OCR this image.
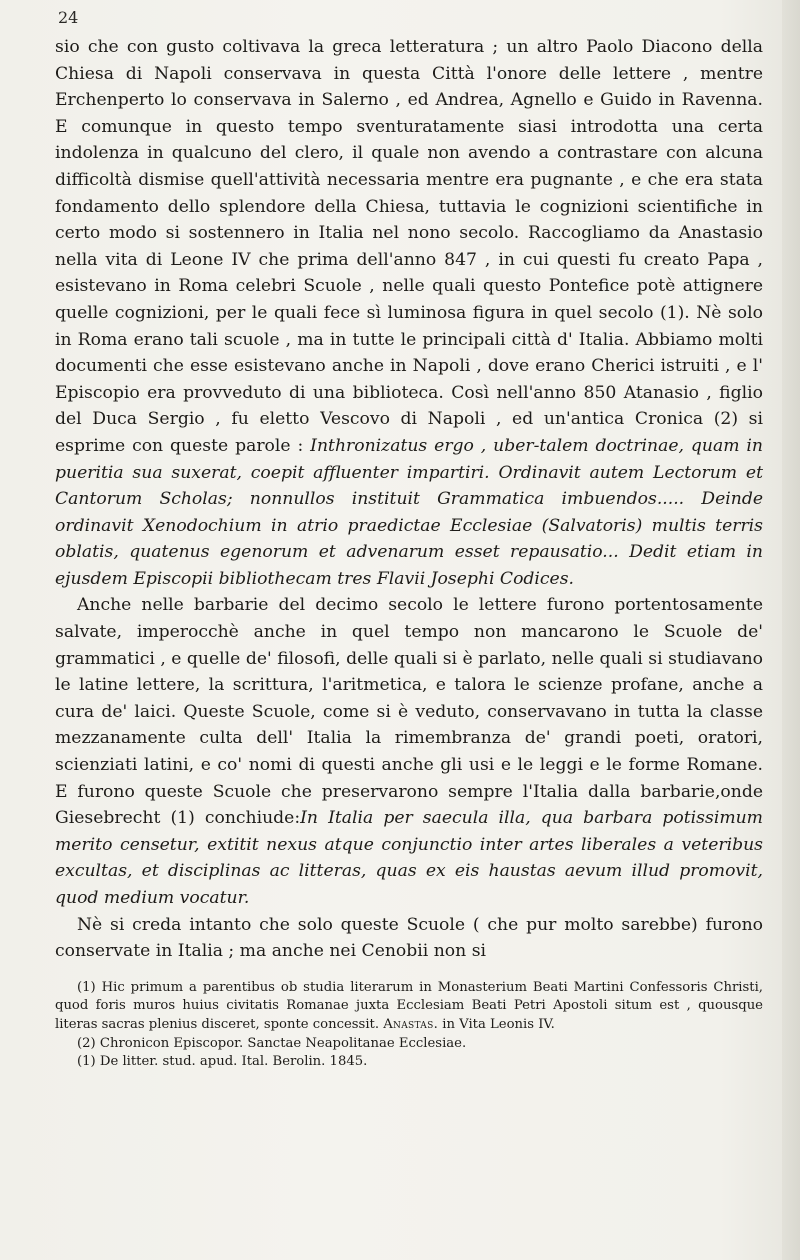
24

sio che con gusto coltivava la greca letteratura ; un altro Paolo Diacono della Chiesa di Napoli conservava in questa Città l'onore delle lettere , mentre Erchenperto lo conservava in Salerno , ed Andrea, Agnello e Guido in Ravenna. E comunque in questo tempo sventuratamente siasi introdotta una certa indolenza in qualcuno del clero, il quale non avendo a contrastare con alcuna difficoltà dismise quell'attività necessaria mentre era pugnante , e che era stata fondamento dello splendore della Chiesa, tuttavia le cognizioni scientifiche in certo modo si sostennero in Italia nel nono secolo. Raccogliamo da Anastasio nella vita di Leone IV che prima dell'anno 847 , in cui questi fu creato Papa , esistevano in Roma celebri Scuole , nelle quali questo Pontefice potè attignere quelle cognizioni, per le quali fece sì luminosa figura in quel secolo (1). Nè solo in Roma erano tali scuole , ma in tutte le principali città d' Italia. Abbiamo molti documenti che esse esistevano anche in Napoli , dove erano Cherici istruiti , e l' Episcopio era provveduto di una biblioteca. Così nell'anno 850 Atanasio , figlio del Duca Sergio , fu eletto Vescovo di Napoli , ed un'antica Cronica (2) si esprime con queste parole : Inthronizatus ergo , uber-talem doctrinae, quam in pueritia sua suxerat, coepit affluenter impartiri. Ordinavit autem Lectorum et Cantorum Scholas; nonnullos instituit Grammatica imbuendos..... Deinde ordinavit Xenodochium in atrio praedictae Ecclesiae (Salvatoris) multis terris oblatis, quatenus egenorum et advenarum esset repausatio... Dedit etiam in ejusdem Episcopii bibliothecam tres Flavii Josephi Codices.

Anche nelle barbarie del decimo secolo le lettere furono portentosamente salvate, imperocchè anche in quel tempo non mancarono le Scuole de' grammatici , e quelle de' filosofi, delle quali si è parlato, nelle quali si studiavano le latine lettere, la scrittura, l'aritmetica, e talora le scienze profane, anche a cura de' laici. Queste Scuole, come si è veduto, conservavano in tutta la classe mezzanamente culta dell' Italia la rimembranza de' grandi poeti, oratori, scienziati latini, e co' nomi di questi anche gli usi e le leggi e le forme Romane. E furono queste Scuole che preservarono sempre l'Italia dalla barbarie,onde Giesebrecht (1) conchiude:In Italia per saecula illa, qua barbara potissimum merito censetur, extitit nexus atque conjunctio inter artes liberales a veteribus excultas, et disciplinas ac litteras, quas ex eis haustas aevum illud promovit, quod medium vocatur.

Nè si creda intanto che solo queste Scuole ( che pur molto sarebbe) furono conservate in Italia ; ma anche nei Cenobii non si

(1) Hic primum a parentibus ob studia literarum in Monasterium Beati Martini Confessoris Christi, quod foris muros huius civitatis Romanae juxta Ecclesiam Beati Petri Apostoli situm est , quousque literas sacras plenius disceret, sponte concessit. Anastas. in Vita Leonis IV.

(2) Chronicon Episcopor. Sanctae Neapolitanae Ecclesiae.

(1) De litter. stud. apud. Ital. Berolin. 1845.
